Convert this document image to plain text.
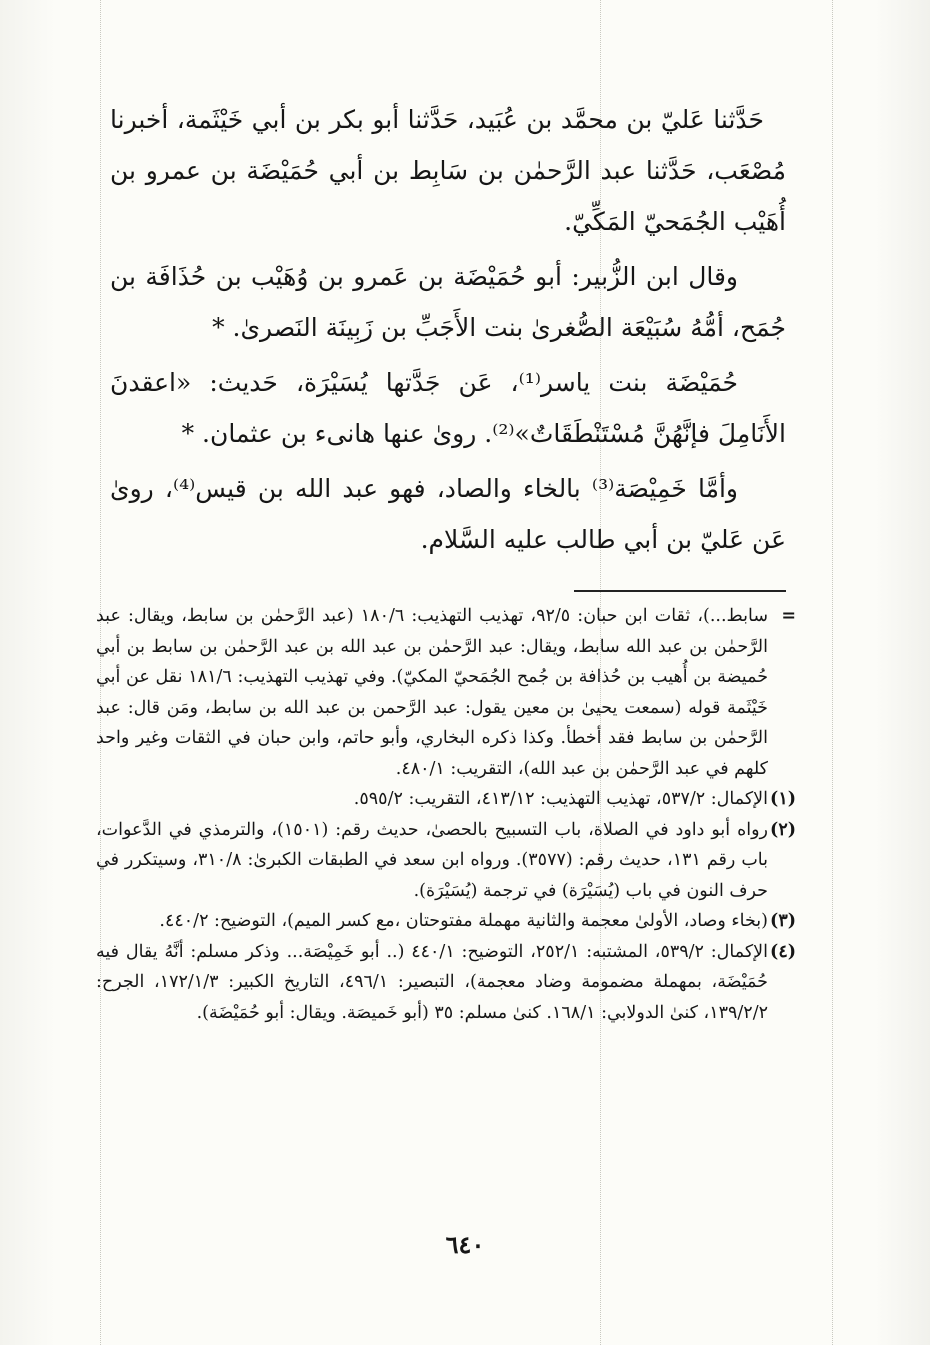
حَدَّثنا عَليّ بن محمَّد بن عُبَيد، حَدَّثنا أبو بكر بن أبي خَيْثَمة، أخبرنا مُصْعَب، حَدَّثنا عبد الرَّحمٰن بن سَابِط بن أبي حُمَيْضَة بن عمرو بن أُهَيْب الجُمَحيّ المَكِّيّ.

وقال ابن الزُّبير: أبو حُمَيْضَة بن عَمرو بن وُهَيْب بن حُذَافَة بن جُمَح، أمُّهُ سُبَيْعَة الصُّغرىٰ بنت الأَجَبِّ بن زَبِينَة النَصرىٰ. *

حُمَيْضَة بنت ياسر⁽¹⁾، عَن جَدَّتها يُسَيْرَة، حَديث: «اعقدنَ الأَنَامِلَ فإنَّهُنَّ مُسْتَنْطَقَاتٌ»⁽²⁾. روىٰ عنها هانىء بن عثمان. *

وأمَّا خَمِيْصَة⁽³⁾ بالخاء والصاد، فهو عبد الله بن قيس⁽⁴⁾، روىٰ عَن عَليّ بن أبي طالب عليه السَّلام.

=
سابط...)، ثقات ابن حبان: ٩٢/٥، تهذيب التهذيب: ١٨٠/٦ (عبد الرَّحمٰن بن سابط، ويقال: عبد الرَّحمٰن بن عبد الله سابط، ويقال: عبد الرَّحمٰن بن عبد الله بن عبد الرَّحمٰن بن سابط بن أبي حُميضة بن أُهيب بن حُذافة بن جُمح الجُمَحيّ المكيّ). وفي تهذيب التهذيب: ١٨١/٦ نقل عن أبي خَيْثَمة قوله (سمعت يحيىٰ بن معين يقول: عبد الرَّحمن بن عبد الله بن سابط، ومَن قال: عبد الرَّحمٰن بن سابط فقد أخطأ. وكذا ذكره البخاري، وأبو حاتم، وابن حبان في الثقات وغير واحد كلهم في عبد الرَّحمٰن بن عبد الله)، التقريب: ٤٨٠/١.
(١)
الإكمال: ٥٣٧/٢، تهذيب التهذيب: ٤١٣/١٢، التقريب: ٥٩٥/٢.
(٢)
رواه أبو داود في الصلاة، باب التسبيح بالحصىٰ، حديث رقم: (١٥٠١)، والترمذي في الدَّعوات، باب رقم ١٣١، حديث رقم: (٣٥٧٧). ورواه ابن سعد في الطبقات الكبرىٰ: ٣١٠/٨، وسيتكرر في حرف النون في باب (يُسَيْرَة) في ترجمة (يُسَيْرَة).
(٣)
(بخاء وصاد، الأولىٰ معجمة والثانية مهملة مفتوحتان ،مع كسر الميم)، التوضيح: ٤٤٠/٢.
(٤)
الإكمال: ٥٣٩/٢، المشتبه: ٢٥٢/١، التوضيح: ٤٤٠/١ (.. أبو خَمِيْصَة... وذكر مسلم: أنَّهُ يقال فيه حُمَيْضَة، بمهملة مضمومة وضاد معجمة)، التبصير: ٤٩٦/١، التاريخ الكبير: ١٧٢/١/٣، الجرح: ١٣٩/٢/٢، كنىٰ الدولابي: ١٦٨/١. كنىٰ مسلم: ٣٥ (أبو خَميصَة. ويقال: أبو حُمَيْضَة).
٦٤٠
